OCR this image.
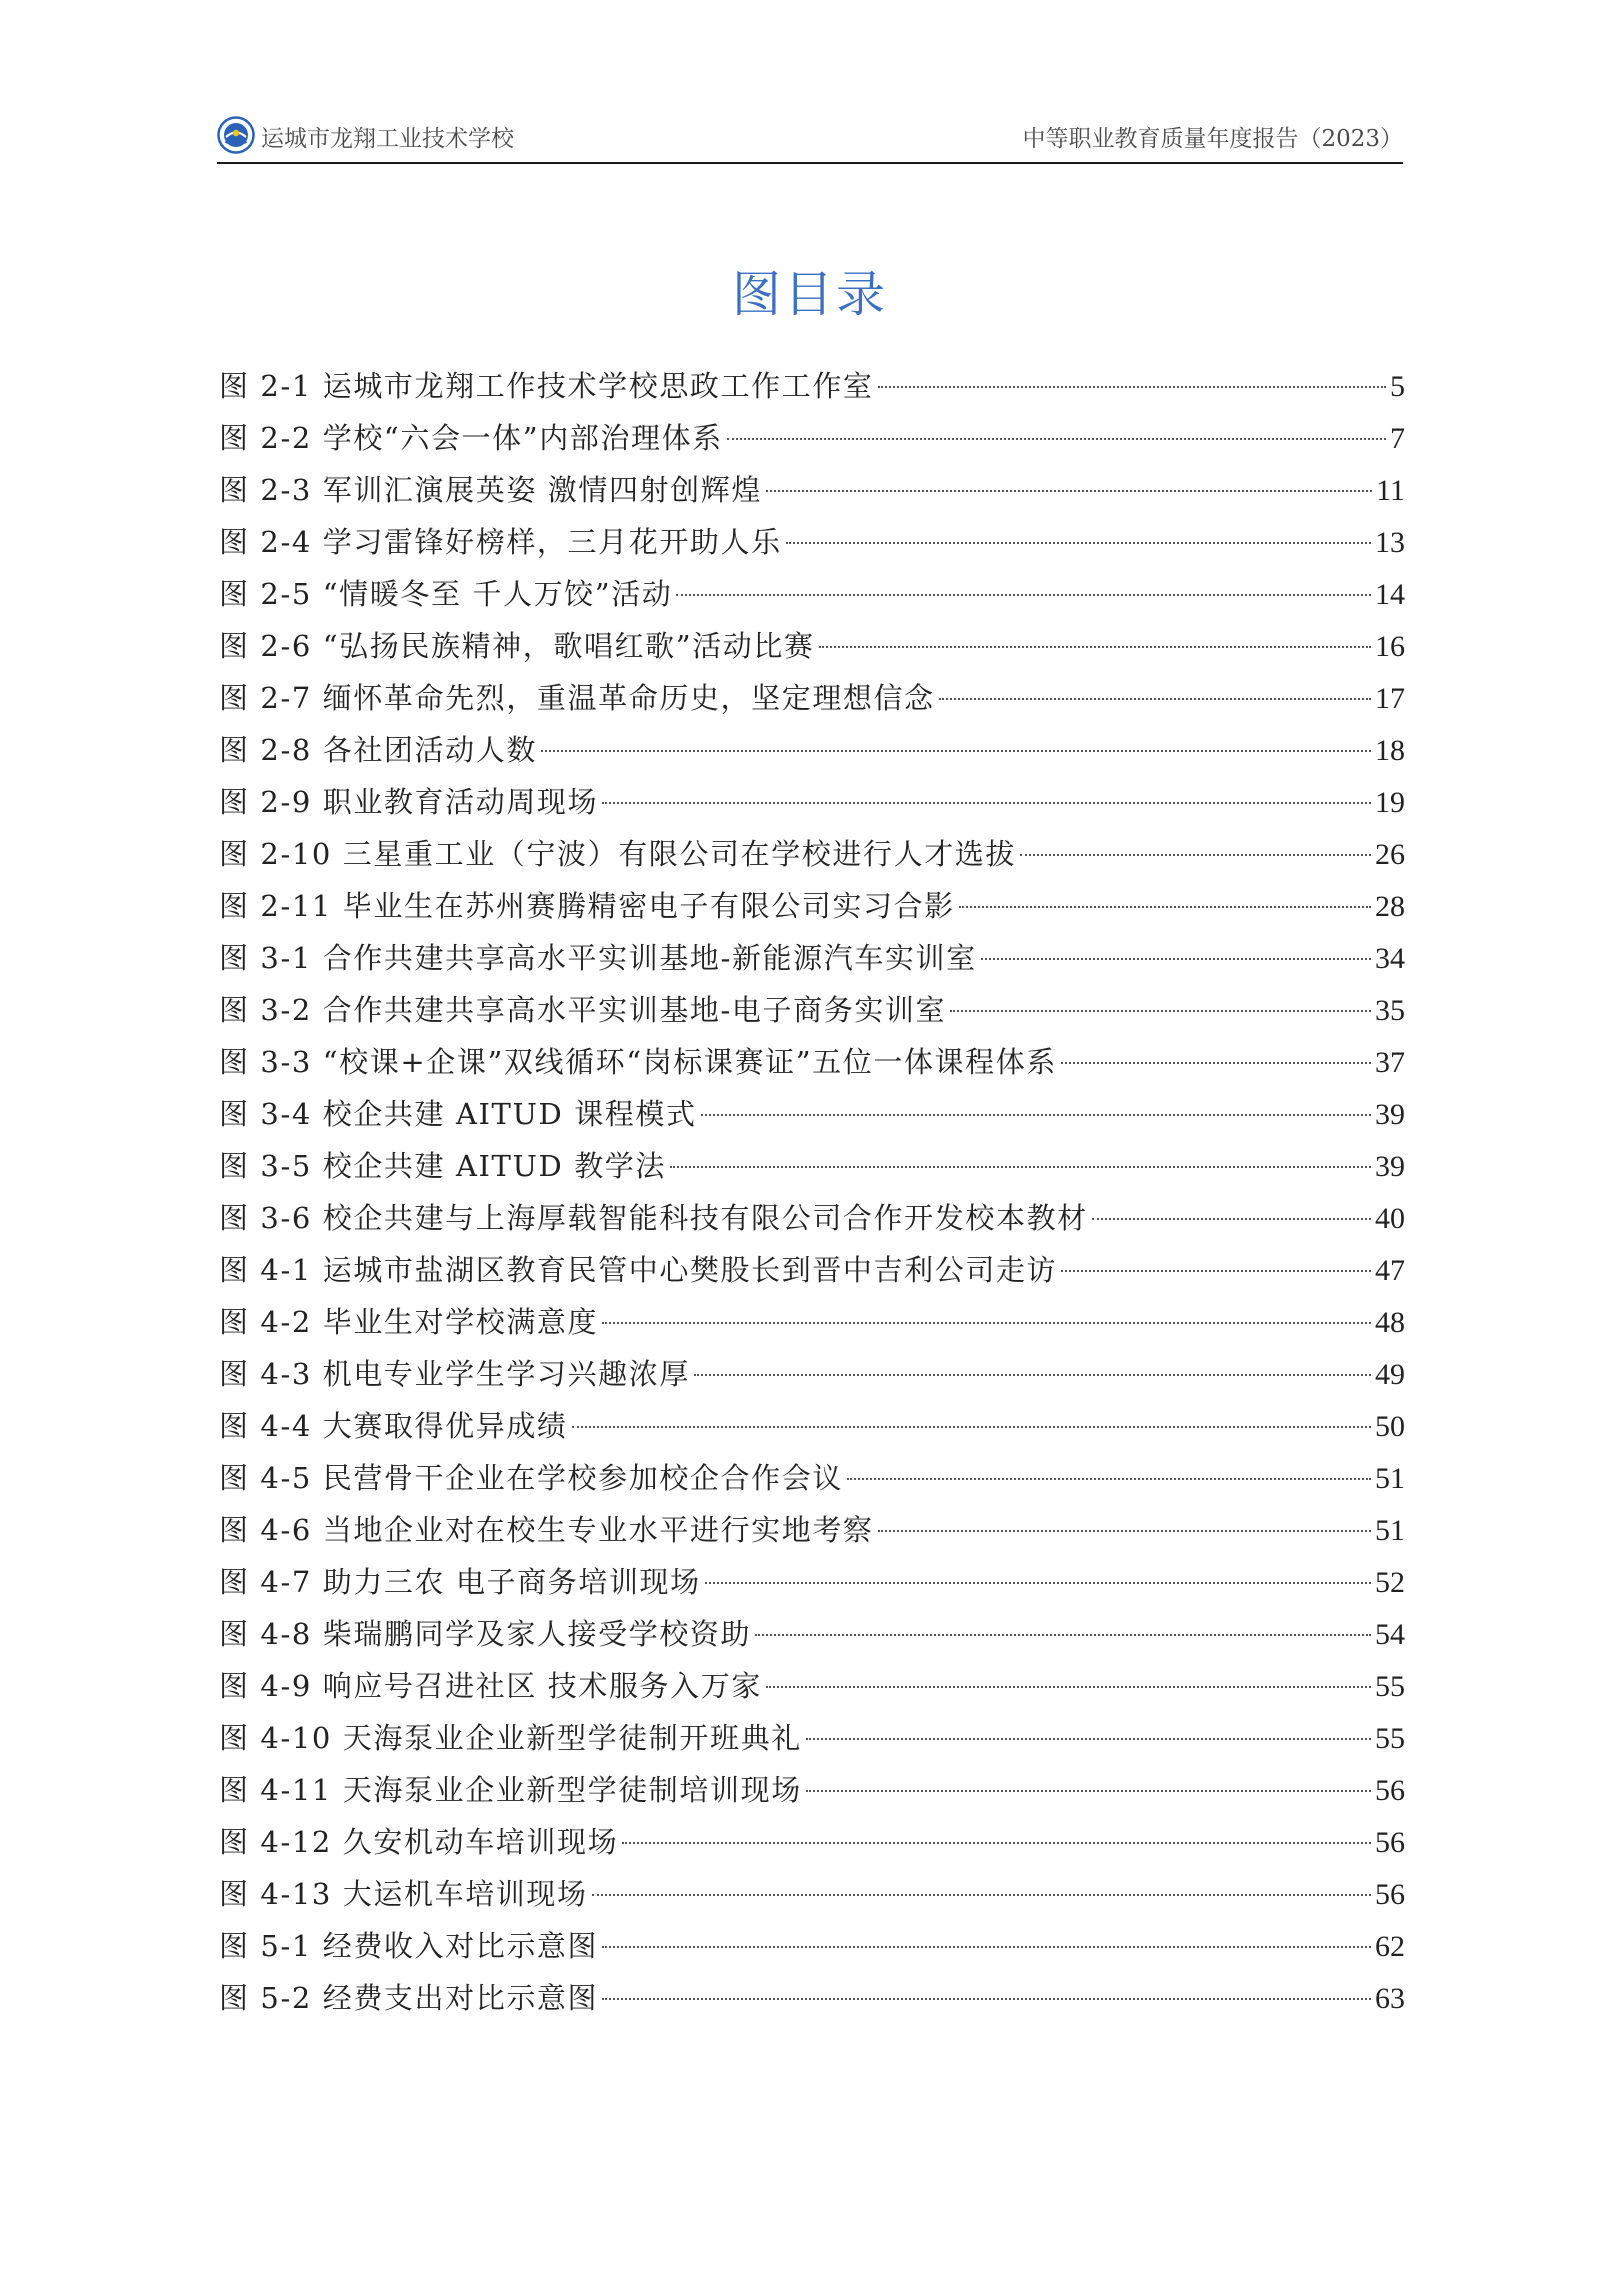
运城市龙翔工业技术学校	中等职业教育质量年度报告（2023）
图目录
图 2-1 运城市龙翔工作技术学校思政工作工作室	5
图 2-2 学校“六会一体”内部治理体系	7
图 2-3 军训汇演展英姿 激情四射创辉煌	11
图 2-4 学习雷锋好榜样，三月花开助人乐	13
图 2-5 “情暖冬至 千人万饺”活动	14
图 2-6 “弘扬民族精神，歌唱红歌”活动比赛	16
图 2-7 缅怀革命先烈，重温革命历史，坚定理想信念	17
图 2-8 各社团活动人数	18
图 2-9 职业教育活动周现场	19
图 2-10 三星重工业（宁波）有限公司在学校进行人才选拔	26
图 2-11 毕业生在苏州赛腾精密电子有限公司实习合影	28
图 3-1 合作共建共享高水平实训基地-新能源汽车实训室	34
图 3-2 合作共建共享高水平实训基地-电子商务实训室	35
图 3-3 “校课+企课”双线循环“岗标课赛证”五位一体课程体系	37
图 3-4 校企共建 AITUD 课程模式	39
图 3-5 校企共建 AITUD 教学法	39
图 3-6 校企共建与上海厚载智能科技有限公司合作开发校本教材	40
图 4-1 运城市盐湖区教育民管中心樊股长到晋中吉利公司走访	47
图 4-2 毕业生对学校满意度	48
图 4-3 机电专业学生学习兴趣浓厚	49
图 4-4 大赛取得优异成绩	50
图 4-5 民营骨干企业在学校参加校企合作会议	51
图 4-6 当地企业对在校生专业水平进行实地考察	51
图 4-7 助力三农 电子商务培训现场	52
图 4-8 柴瑞鹏同学及家人接受学校资助	54
图 4-9 响应号召进社区 技术服务入万家	55
图 4-10 天海泵业企业新型学徒制开班典礼	55
图 4-11 天海泵业企业新型学徒制培训现场	56
图 4-12 久安机动车培训现场	56
图 4-13 大运机车培训现场	56
图 5-1 经费收入对比示意图	62
图 5-2 经费支出对比示意图	63
